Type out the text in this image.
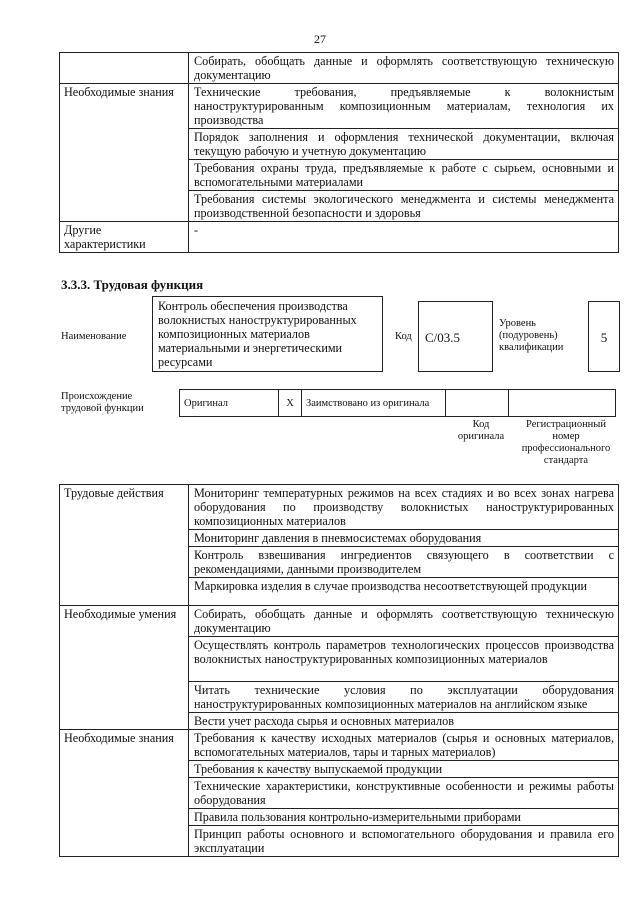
27
	Собирать, обобщать данные и оформлять соответствующую техническую документацию
Необходимые знания	Технические требования, предъявляемые к волокнистым наноструктурированным композиционным материалам, технология их производства
	Порядок заполнения и оформления технической документации, включая текущую рабочую и учетную документацию
	Требования охраны труда, предъявляемые к работе с сырьем, основными и вспомогательными материалами
	Требования системы экологического менеджмента и системы менеджмента производственной безопасности и здоровья
Другие характеристики	-
3.3.3. Трудовая функция
Наименование
Контроль обеспечения производства волокнистых наноструктурированных композиционных материалов материальными и энергетическими ресурсами
Код	C/03.5
Уровень (подуровень) квалификации
5
Происхождение трудовой функции	Оригинал	X	Заимствовано из оригинала		
Код оригинала
Регистрационный номер профессионального стандарта
Трудовые действия	Мониторинг температурных режимов на всех стадиях и во всех зонах нагрева оборудования по производству волокнистых наноструктурированных композиционных материалов
	Мониторинг давления в пневмосистемах оборудования
	Контроль взвешивания ингредиентов связующего в соответствии с рекомендациями, данными производителем
	Маркировка изделия в случае производства несоответствующей продукции
Необходимые умения	Собирать, обобщать данные и оформлять соответствующую техническую документацию
	Осуществлять контроль параметров технологических процессов производства волокнистых наноструктурированных композиционных материалов
	Читать технические условия по эксплуатации оборудования наноструктурированных композиционных материалов на английском языке
	Вести учет расхода сырья и основных материалов
Необходимые знания	Требования к качеству исходных материалов (сырья и основных материалов, вспомогательных материалов, тары и тарных материалов)
	Требования к качеству выпускаемой продукции
	Технические характеристики, конструктивные особенности и режимы работы оборудования
	Правила пользования контрольно-измерительными приборами
	Принцип работы основного и вспомогательного оборудования и правила его эксплуатации
